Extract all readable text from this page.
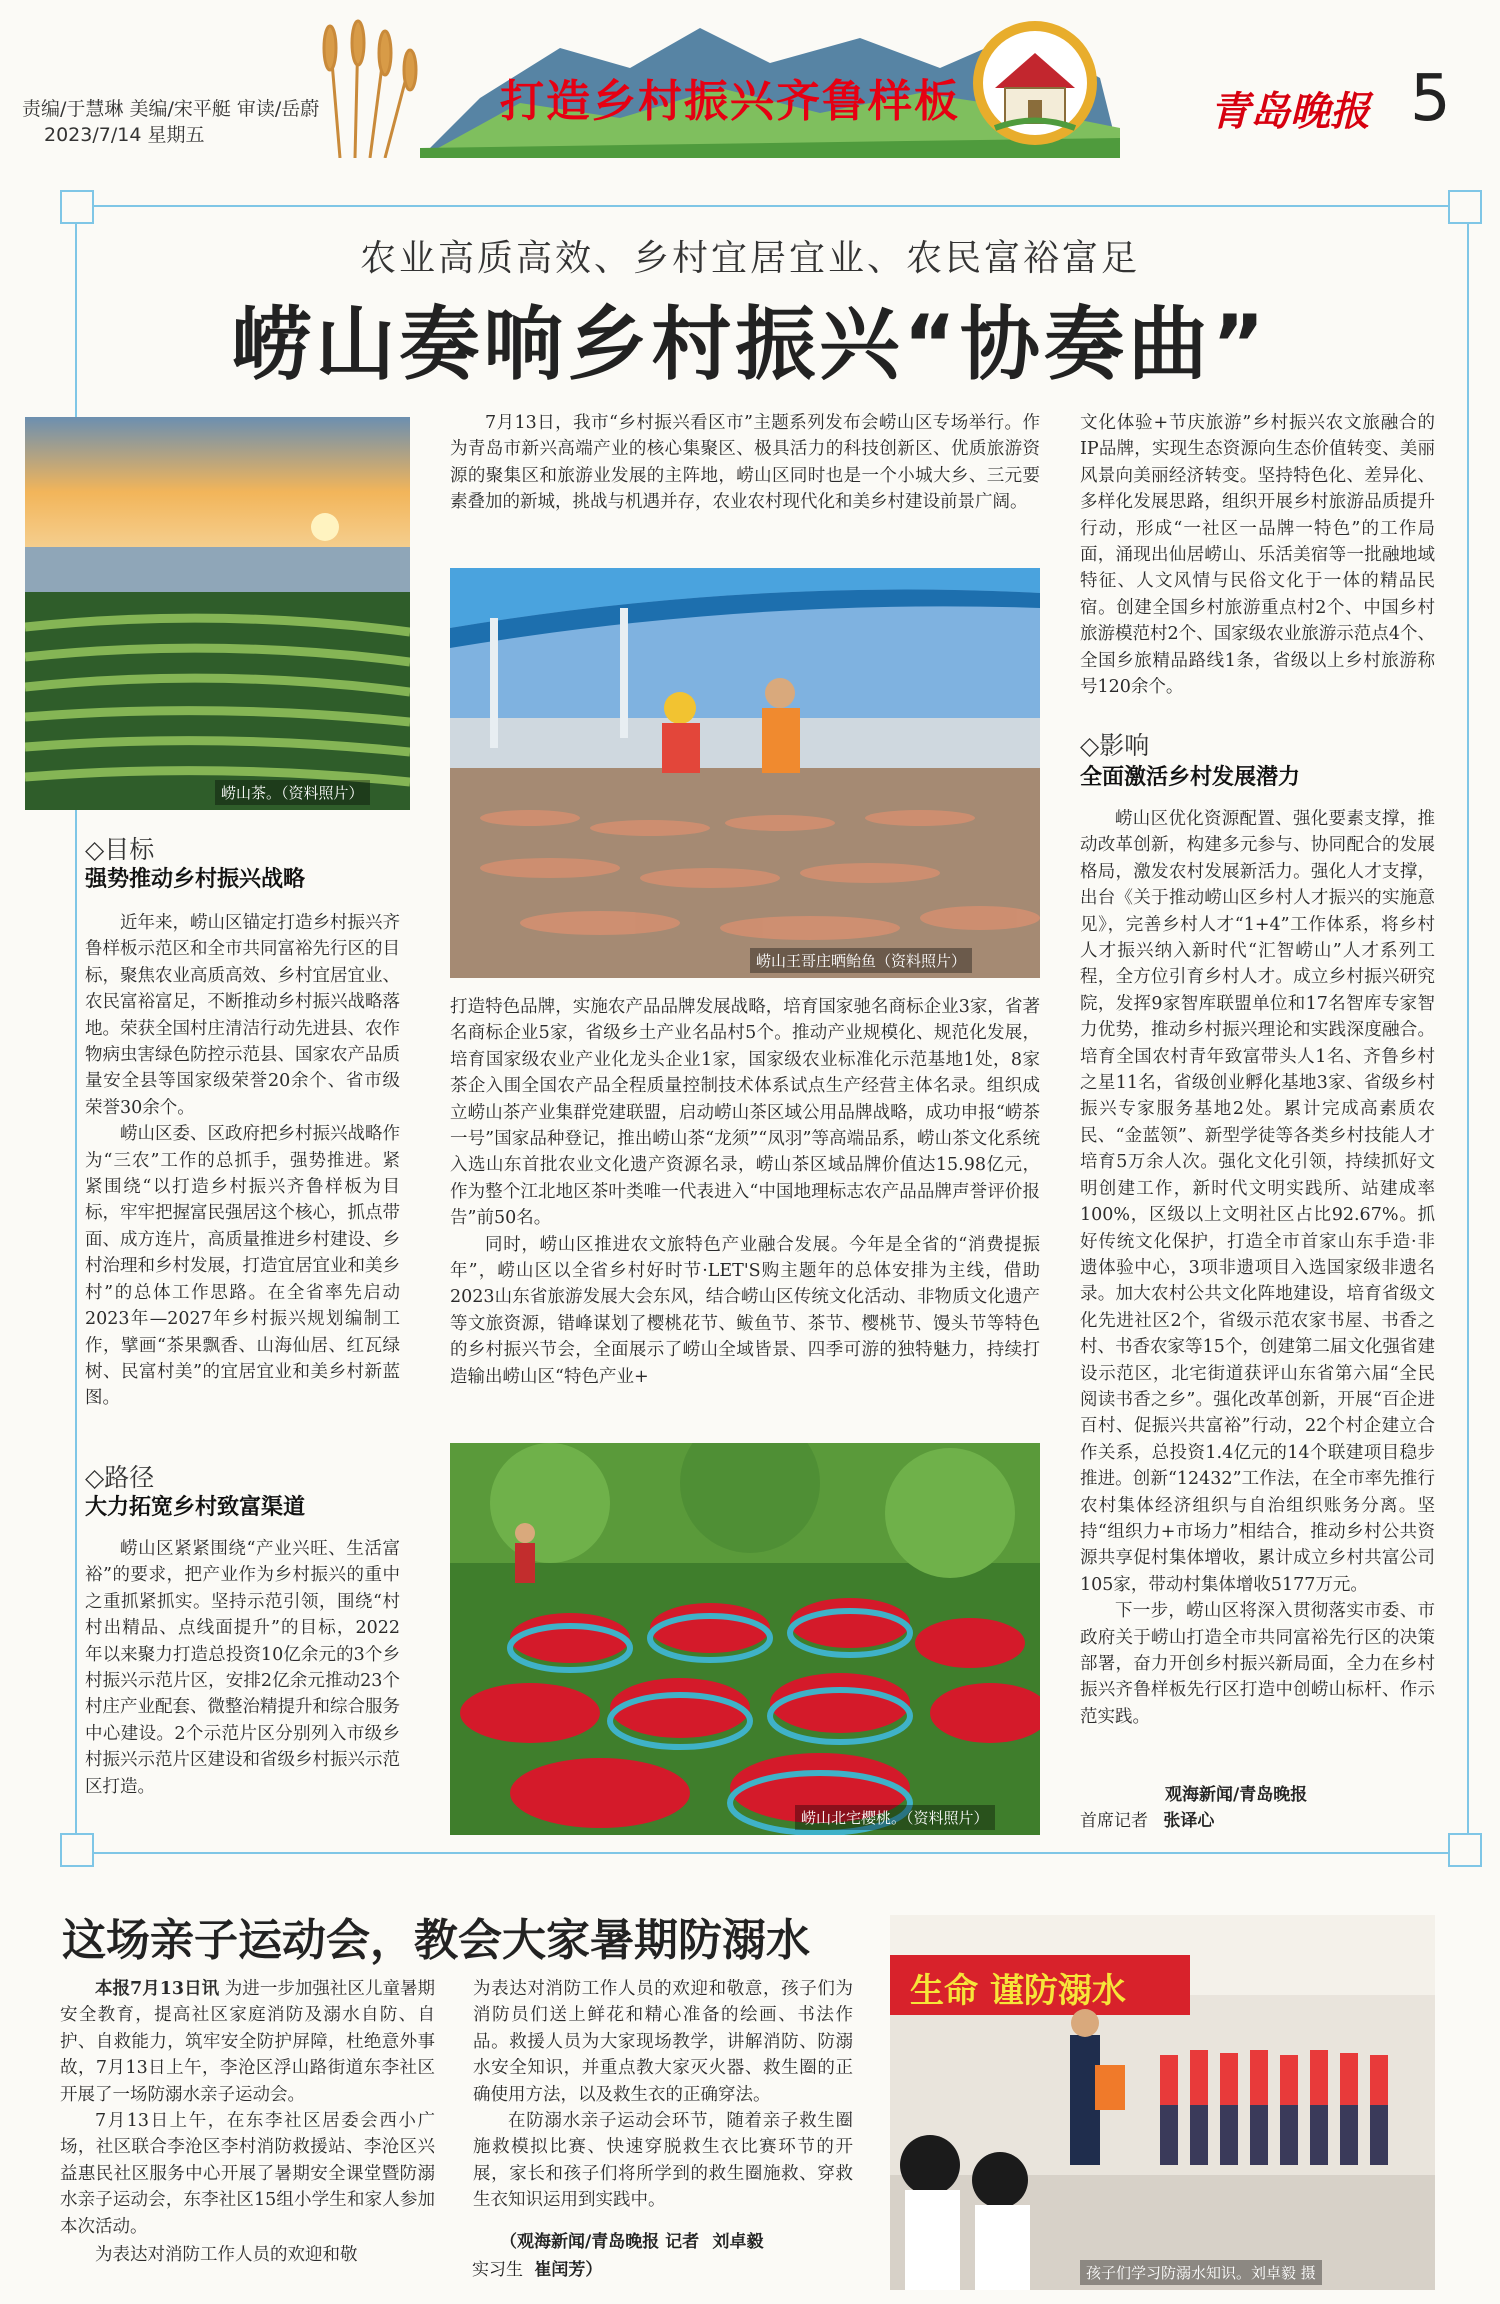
责编/于慧琳 美编/宋平艇 审读/岳蔚
2023/7/14 星期五
打造乡村振兴齐鲁样板	青岛晚报 5
农业高质高效、乡村宜居宜业、农民富裕富足
崂山奏响乡村振兴“协奏曲”
崂山茶。（资料照片）
◇目标
强势推动乡村振兴战略

近年来，崂山区锚定打造乡村振兴齐鲁样板示范区和全市共同富裕先行区的目标，聚焦农业高质高效、乡村宜居宜业、农民富裕富足，不断推动乡村振兴战略落地。荣获全国村庄清洁行动先进县、农作物病虫害绿色防控示范县、国家农产品质量安全县等国家级荣誉20余个、省市级荣誉30余个。

崂山区委、区政府把乡村振兴战略作为“三农”工作的总抓手，强势推进。紧紧围绕“以打造乡村振兴齐鲁样板为目标，牢牢把握富民强居这个核心，抓点带面、成方连片，高质量推进乡村建设、乡村治理和乡村发展，打造宜居宜业和美乡村”的总体工作思路。在全省率先启动2023年—2027年乡村振兴规划编制工作，擘画“茶果飘香、山海仙居、红瓦绿树、民富村美”的宜居宜业和美乡村新蓝图。

◇路径
大力拓宽乡村致富渠道

崂山区紧紧围绕“产业兴旺、生活富裕”的要求，把产业作为乡村振兴的重中之重抓紧抓实。坚持示范引领，围绕“村村出精品、点线面提升”的目标，2022年以来聚力打造总投资10亿余元的3个乡村振兴示范片区，安排2亿余元推动23个村庄产业配套、微整治精提升和综合服务中心建设。2个示范片区分别列入市级乡村振兴示范片区建设和省级乡村振兴示范区打造。

7月13日，我市“乡村振兴看区市”主题系列发布会崂山区专场举行。作为青岛市新兴高端产业的核心集聚区、极具活力的科技创新区、优质旅游资源的聚集区和旅游业发展的主阵地，崂山区同时也是一个小城大乡、三元要素叠加的新城，挑战与机遇并存，农业农村现代化和美乡村建设前景广阔。
崂山王哥庄晒鲐鱼（资料照片）

打造特色品牌，实施农产品品牌发展战略，培育国家驰名商标企业3家，省著名商标企业5家，省级乡土产业名品村5个。推动产业规模化、规范化发展，培育国家级农业产业化龙头企业1家，国家级农业标准化示范基地1处，8家茶企入围全国农产品全程质量控制技术体系试点生产经营主体名录。组织成立崂山茶产业集群党建联盟，启动崂山茶区域公用品牌战略，成功申报“崂茶一号”国家品种登记，推出崂山茶“龙须”“凤羽”等高端品系，崂山茶文化系统入选山东首批农业文化遗产资源名录，崂山茶区域品牌价值达15.98亿元，作为整个江北地区茶叶类唯一代表进入“中国地理标志农产品品牌声誉评价报告”前50名。

同时，崂山区推进农文旅特色产业融合发展。今年是全省的“消费提振年”，崂山区以全省乡村好时节·LET'S购主题年的总体安排为主线，借助2023山东省旅游发展大会东风，结合崂山区传统文化活动、非物质文化遗产等文旅资源，错峰谋划了樱桃花节、鲅鱼节、茶节、樱桃节、馒头节等特色的乡村振兴节会，全面展示了崂山全域皆景、四季可游的独特魅力，持续打造输出崂山区“特色产业+

崂山北宅樱桃。（资料照片）

文化体验+节庆旅游”乡村振兴农文旅融合的IP品牌，实现生态资源向生态价值转变、美丽风景向美丽经济转变。坚持特色化、差异化、多样化发展思路，组织开展乡村旅游品质提升行动，形成“一社区一品牌一特色”的工作局面，涌现出仙居崂山、乐活美宿等一批融地域特征、人文风情与民俗文化于一体的精品民宿。创建全国乡村旅游重点村2个、中国乡村旅游模范村2个、国家级农业旅游示范点4个、全国乡旅精品路线1条，省级以上乡村旅游称号120余个。

◇影响
全面激活乡村发展潜力

崂山区优化资源配置、强化要素支撑，推动改革创新，构建多元参与、协同配合的发展格局，激发农村发展新活力。强化人才支撑，出台《关于推动崂山区乡村人才振兴的实施意见》，完善乡村人才“1+4”工作体系，将乡村人才振兴纳入新时代“汇智崂山”人才系列工程，全方位引育乡村人才。成立乡村振兴研究院，发挥9家智库联盟单位和17名智库专家智力优势，推动乡村振兴理论和实践深度融合。培育全国农村青年致富带头人1名、齐鲁乡村之星11名，省级创业孵化基地3家、省级乡村振兴专家服务基地2处。累计完成高素质农民、“金蓝领”、新型学徒等各类乡村技能人才培育5万余人次。强化文化引领，持续抓好文明创建工作，新时代文明实践所、站建成率100%，区级以上文明社区占比92.67%。抓好传统文化保护，打造全市首家山东手造·非遗体验中心，3项非遗项目入选国家级非遗名录。加大农村公共文化阵地建设，培育省级文化先进社区2个，省级示范农家书屋、书香之村、书香农家等15个，创建第二届文化强省建设示范区，北宅街道获评山东省第六届“全民阅读书香之乡”。强化改革创新，开展“百企进百村、促振兴共富裕”行动，22个村企建立合作关系，总投资1.4亿元的14个联建项目稳步推进。创新“12432”工作法，在全市率先推行农村集体经济组织与自治组织账务分离。坚持“组织力+市场力”相结合，推动乡村公共资源共享促村集体增收，累计成立乡村共富公司105家，带动村集体增收5177万元。

下一步，崂山区将深入贯彻落实市委、市政府关于崂山打造全市共同富裕先行区的决策部署，奋力开创乡村振兴新局面，全力在乡村振兴齐鲁样板先行区打造中创崂山标杆、作示范实践。

观海新闻/青岛晚报
首席记者 张译心
这场亲子运动会，教会大家暑期防溺水

本报7月13日讯 为进一步加强社区儿童暑期安全教育，提高社区家庭消防及溺水自防、自护、自救能力，筑牢安全防护屏障，杜绝意外事故，7月13日上午，李沧区浮山路街道东李社区开展了一场防溺水亲子运动会。

7月13日上午，在东李社区居委会西小广场，社区联合李沧区李村消防救援站、李沧区兴益惠民社区服务中心开展了暑期安全课堂暨防溺水亲子运动会，东李社区15组小学生和家人参加本次活动。

为表达对消防工作人员的欢迎和敬

为表达对消防工作人员的欢迎和敬意，孩子们为消防员们送上鲜花和精心准备的绘画、书法作品。救援人员为大家现场教学，讲解消防、防溺水安全知识，并重点教大家灭火器、救生圈的正确使用方法，以及救生衣的正确穿法。

在防溺水亲子运动会环节，随着亲子救生圈施救模拟比赛、快速穿脱救生衣比赛环节的开展，家长和孩子们将所学到的救生圈施救、穿救生衣知识运用到实践中。

（观海新闻/青岛晚报 记者 刘卓毅
实习生 崔闰芳）
生命 谨防溺水
孩子们学习防溺水知识。刘卓毅 摄
